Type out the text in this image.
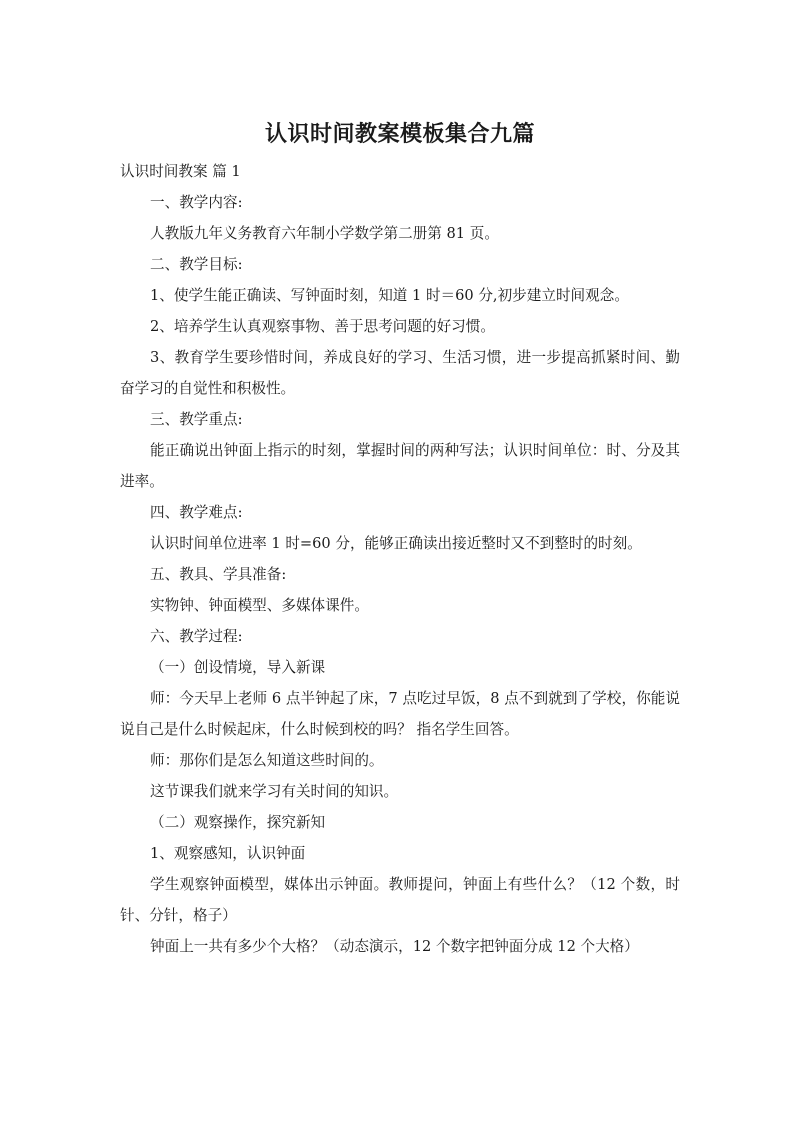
认识时间教案模板集合九篇

认识时间教案 篇 1

一、教学内容:

人教版九年义务教育六年制小学数学第二册第 81 页。

二、教学目标:

1、使学生能正确读、写钟面时刻，知道 1 时＝60 分,初步建立时间观念。

2、培养学生认真观察事物、善于思考问题的好习惯。

3、教育学生要珍惜时间，养成良好的学习、生活习惯，进一步提高抓紧时间、勤奋学习的自觉性和积极性。

三、教学重点:

能正确说出钟面上指示的时刻，掌握时间的两种写法；认识时间单位：时、分及其进率。

四、教学难点:

认识时间单位进率 1 时=60 分，能够正确读出接近整时又不到整时的时刻。

五、教具、学具准备:

实物钟、钟面模型、多媒体课件。

六、教学过程:

（一）创设情境，导入新课

师：今天早上老师 6 点半钟起了床，7 点吃过早饭，8 点不到就到了学校，你能说说自己是什么时候起床，什么时候到校的吗？ 指名学生回答。

师：那你们是怎么知道这些时间的。

这节课我们就来学习有关时间的知识。

（二）观察操作，探究新知

1、观察感知，认识钟面

学生观察钟面模型，媒体出示钟面。教师提问，钟面上有些什么？（12 个数，时针、分针，格子）

钟面上一共有多少个大格？（动态演示，12 个数字把钟面分成 12 个大格）
